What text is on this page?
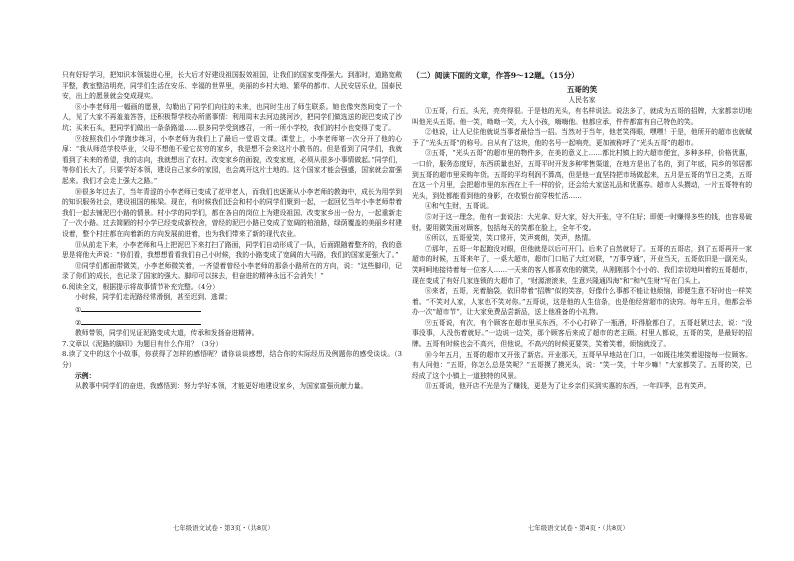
只有好好学习，把知识本领装进心里，长大后才好建设祖国报效祖国，让我们的国家变得强大。到那时，道路宽敞平整，教室整洁明亮，同学们生活在安乐、幸福的世界里，美丽的乡村大地、繁华的都市、人民安居乐业，国泰民安，出上的愿景就会变成现实。

⑧小李老师用一幅画的愿景，勾勒出了同学们向往的未来，也同时生出了师生联系。她也像突然间变了一个人，见了大家不再羞羞答答，还积极帮学校办所需事情：利用周末去河边挑河沙，把同学们做选送的泥巴变成了沙坑；买来石头，把同学们做出一条条路道……很多同学受到感召，一所一所小学校，我们的村小也变得了变了。

⑨按照我们小学跑步练习，小李老师为我们上了最后一堂语文课。课堂上，小李老师第一次分开了他的心扉：“我从师范学校毕业，父母不想他不爱它贫穷的家乡，我是想不会来这片小教书的。但是看到了同学们，我就看到了未来的希望，我的志向，我就想出了农村。改变家乡的面貌，改变家庭，必须从很多小事情做起。”同学们，等你们长大了，只要学好本领，建设自己家乡的家园，也会离开这片土地的。这个国家才能会强盛，国家就会富强起来。我们才会走上强大之路。”

⑩很多年过去了，当年青涩的小李老师已变成了花甲老人，而我们也逐渐从小李老师的教诲中，成长为用学到的知识服务社会，建设祖国的栋梁。现在，有时候我们还会和村小的同学们聚到一起，一起回忆当年小李老师带着我们一起去铺泥巴小路的情景。村小学的同学们，都在各自的岗位上为建设祖国、改变家乡出一份力，一起重新走了一次小路。过去简陋的村小学已经变成新校舍，曾经的泥巴小路已变成了宽阔的柏油路，绿荫覆盖的美丽乡村建设着，整个村庄都在向着新的方向发展前进着，也为我们带来了新的现代农业。

⑪从前走下来，小李老师和马上把泥巴下来打扫了路面，同学们自动形成了一队，后面跟随着整齐的，我的意思是将他大声说：“你们看，我想想看看我们自己小时候，我的小路变成了宽阔的大马路，我们的国家更强大了。”

⑫同学们都面带微笑，小李老师微笑着，一齐望着曾经小李老师的那条小路所在的方向，说：“这些脚印，记录了你们的成长，也记录了国家的强大。脚印可以抹去，但奋进的精神永远不会消失！”

6.阅读全文，根据提示将故事情节补充完整。（4分）

小时候，同学们走泥路经常滑倒，甚至迟到、逃课；

①

②

教师带领，同学们见证泥路变成大道，传承和发扬奋进精神。

7.文章以《泥路的脚印》为题目有什么作用？（3分）

8.读了文中的这个小故事，你获得了怎样的感悟呢？请你谈谈感想，结合你的实际经历及例题你的感受谈谈。（3分）

示例：

从教事中同学们的奋进，我感悟到：努力学好本领，才能更好地建设家乡，为国家富强贡献力量。

（二）阅读下面的文章，作答9～12题。（15分）

五哥的笑

人民名家

①五哥，行五，头光，亮亮得很。于是他的光头，有名样说法。说法多了，就成为五哥的招牌，大家都亲切地叫他光头五哥。他一笑，呦呦一笑，大人小孩，嗨嗨他。他都应承，件件都富有自己特色的笑。

②他说，让人记住他就说当事者最恰当一招。当然对于当年，他老笑得眼，嘿嘿！于是，他所开的超市也就赋予了“光头五哥”的称号。自从有了这块，他的名号一起响亮，更加被称呼了“光头五哥”的超市。

③五哥，“光头五哥”的超市里的物件多，在美的意义上……都比村镇上的大超市便宜，多种多样，价格优惠，一口价，服务态度好，东西质量也好，五哥平时开发多种零售渠道，在地方是出了名的，到了年底，同乡的邻居都到五哥的超市里采购年货。五哥的平均利润不算高，但是他一直坚持把市场做起来，五月是五哥的节日之类，五哥在这一个月里，会把超市里的东西在上千一样的价，还会给大家送礼品和优惠券。超市人头攒动，一片五哥特有的光头，到处都能看到他的身影，在收银台前穿梭忙活……

④和气生财，五哥说。

⑤对于这一理念，他有一套说法：大光拿、好大家，好大开张，守不住好；即便一时赚得多些的钱，也容易破财。要用微笑面对顾客，包括每天的笑都在脸上，全年不变。

⑥所以，五哥爱笑，笑口常开，笑声爽朗，笑声，热情。

⑦那年，五哥一年起跑没对眼，但他就是以后可开门。后来了自然就好了。五哥的五哥店，到了五哥再开一家超市的时候，五哥来年了，一桌大超市，超市门口贴了大红对联，“万事亨通”，开业当天，五哥依旧是一副光头，笑呵呵地接待着每一位客人……一天来的客人都喜欢他的微笑，从刚刚那个小小的、我们亲切地叫着的五哥超市，现在变成了有好几家连锁的大超市了，“财源滚滚来，生意兴隆通四海”和“和气生财”写在门头上。

⑧来者，五哥，光着脑袋，依旧带着“招牌”似的笑容，好像什么事都不能让他烦恼，即便生意不好时也一样笑着。“不笑对人家，人家也不笑对你。”五哥说，这是他的人生信条，也是他经营超市的诀窍。每年五月，他都会举办一次“超市节”，让大家免费品尝新品，送上他准备的小礼物。

⑨五哥说，有次，有个顾客在超市里买东西，不小心打碎了一瓶酒，吓得脸都白了，五哥赶紧过去，说：“没事没事，人没伤着就好。”一边说一边笑，那个顾客后来成了超市的老主顾。村里人都说，五哥的笑，是最好的招牌。五哥有时候也会不高兴，但他说，不高兴的时候更要笑，笑着笑着，烦恼就没了。

⑩今年五月，五哥的超市又开张了新店。开业那天，五哥早早地站在门口，一如既往地笑着迎接每一位顾客。有人问他：“五哥，你怎么总是笑呢？”五哥摸了摸光头，说：“笑一笑，十年少嘛！”大家都笑了。五哥的笑，已经成了这个小镇上一道独特的风景。

⑪五哥说，他开店不光是为了赚钱，更是为了让乡亲们买到实惠的东西，一年四季，总有笑声。

七年级语文试卷・第3页・（共8页）	七年级语文试卷・第4页・（共8页）
